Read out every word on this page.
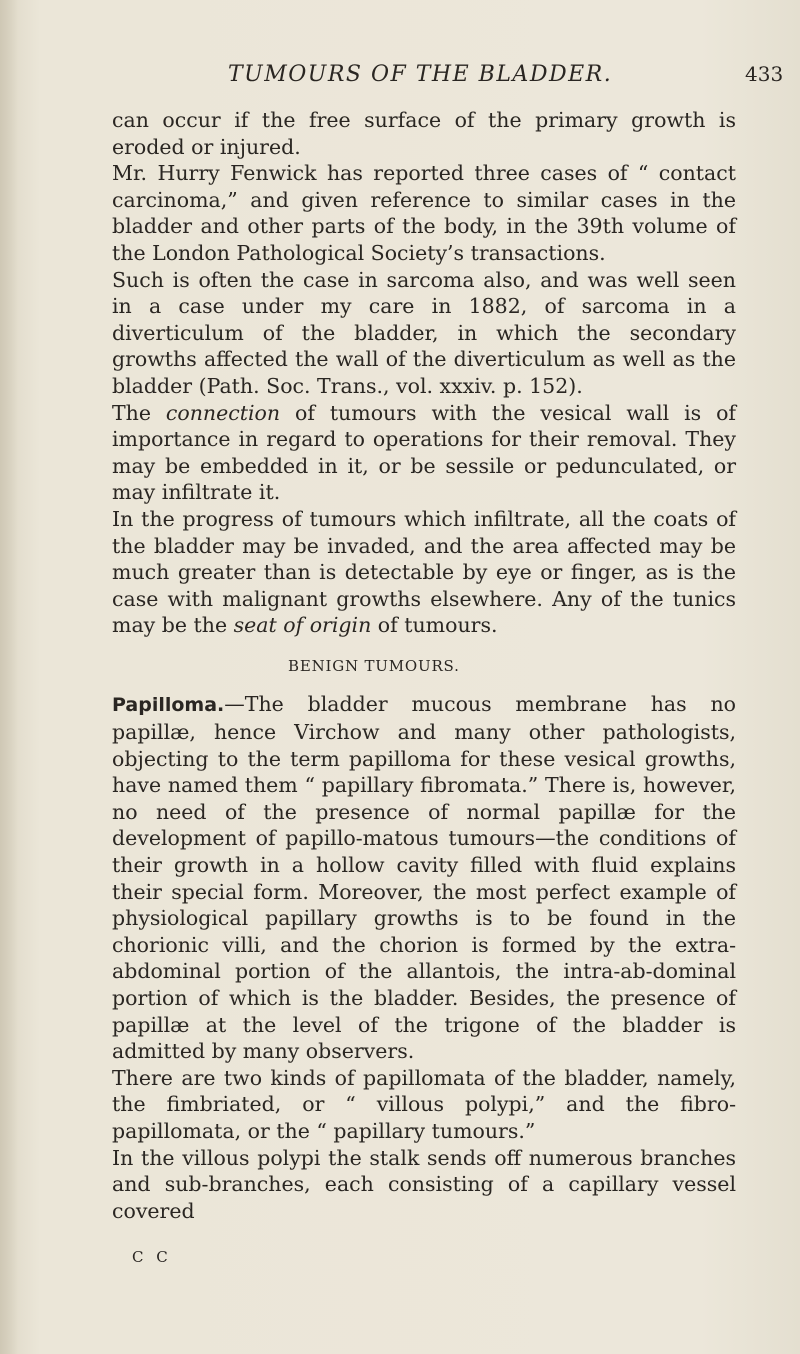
TUMOURS OF THE BLADDER.	433

can occur if the free surface of the primary growth is eroded or injured.

Mr. Hurry Fenwick has reported three cases of “ contact carcinoma,” and given reference to similar cases in the bladder and other parts of the body, in the 39th volume of the London Pathological Society’s transactions.

Such is often the case in sarcoma also, and was well seen in a case under my care in 1882, of sarcoma in a diverticulum of the bladder, in which the secondary growths affected the wall of the diverticulum as well as the bladder (Path. Soc. Trans., vol. xxxiv. p. 152).

The connection of tumours with the vesical wall is of importance in regard to operations for their removal. They may be embedded in it, or be sessile or pedunculated, or may infiltrate it.

In the progress of tumours which infiltrate, all the coats of the bladder may be invaded, and the area affected may be much greater than is detectable by eye or finger, as is the case with malignant growths elsewhere. Any of the tunics may be the seat of origin of tumours.

BENIGN TUMOURS.

Papilloma.—The bladder mucous membrane has no papillæ, hence Virchow and many other pathologists, objecting to the term papilloma for these vesical growths, have named them “ papillary fibromata.” There is, however, no need of the presence of normal papillæ for the development of papillo-matous tumours—the conditions of their growth in a hollow cavity filled with fluid explains their special form. Moreover, the most perfect example of physiological papillary growths is to be found in the chorionic villi, and the chorion is formed by the extra-abdominal portion of the allantois, the intra-ab-dominal portion of which is the bladder. Besides, the presence of papillæ at the level of the trigone of the bladder is admitted by many observers.

There are two kinds of papillomata of the bladder, namely, the fimbriated, or “ villous polypi,” and the fibro-papillomata, or the “ papillary tumours.”

In the villous polypi the stalk sends off numerous branches and sub-branches, each consisting of a capillary vessel covered

C C
